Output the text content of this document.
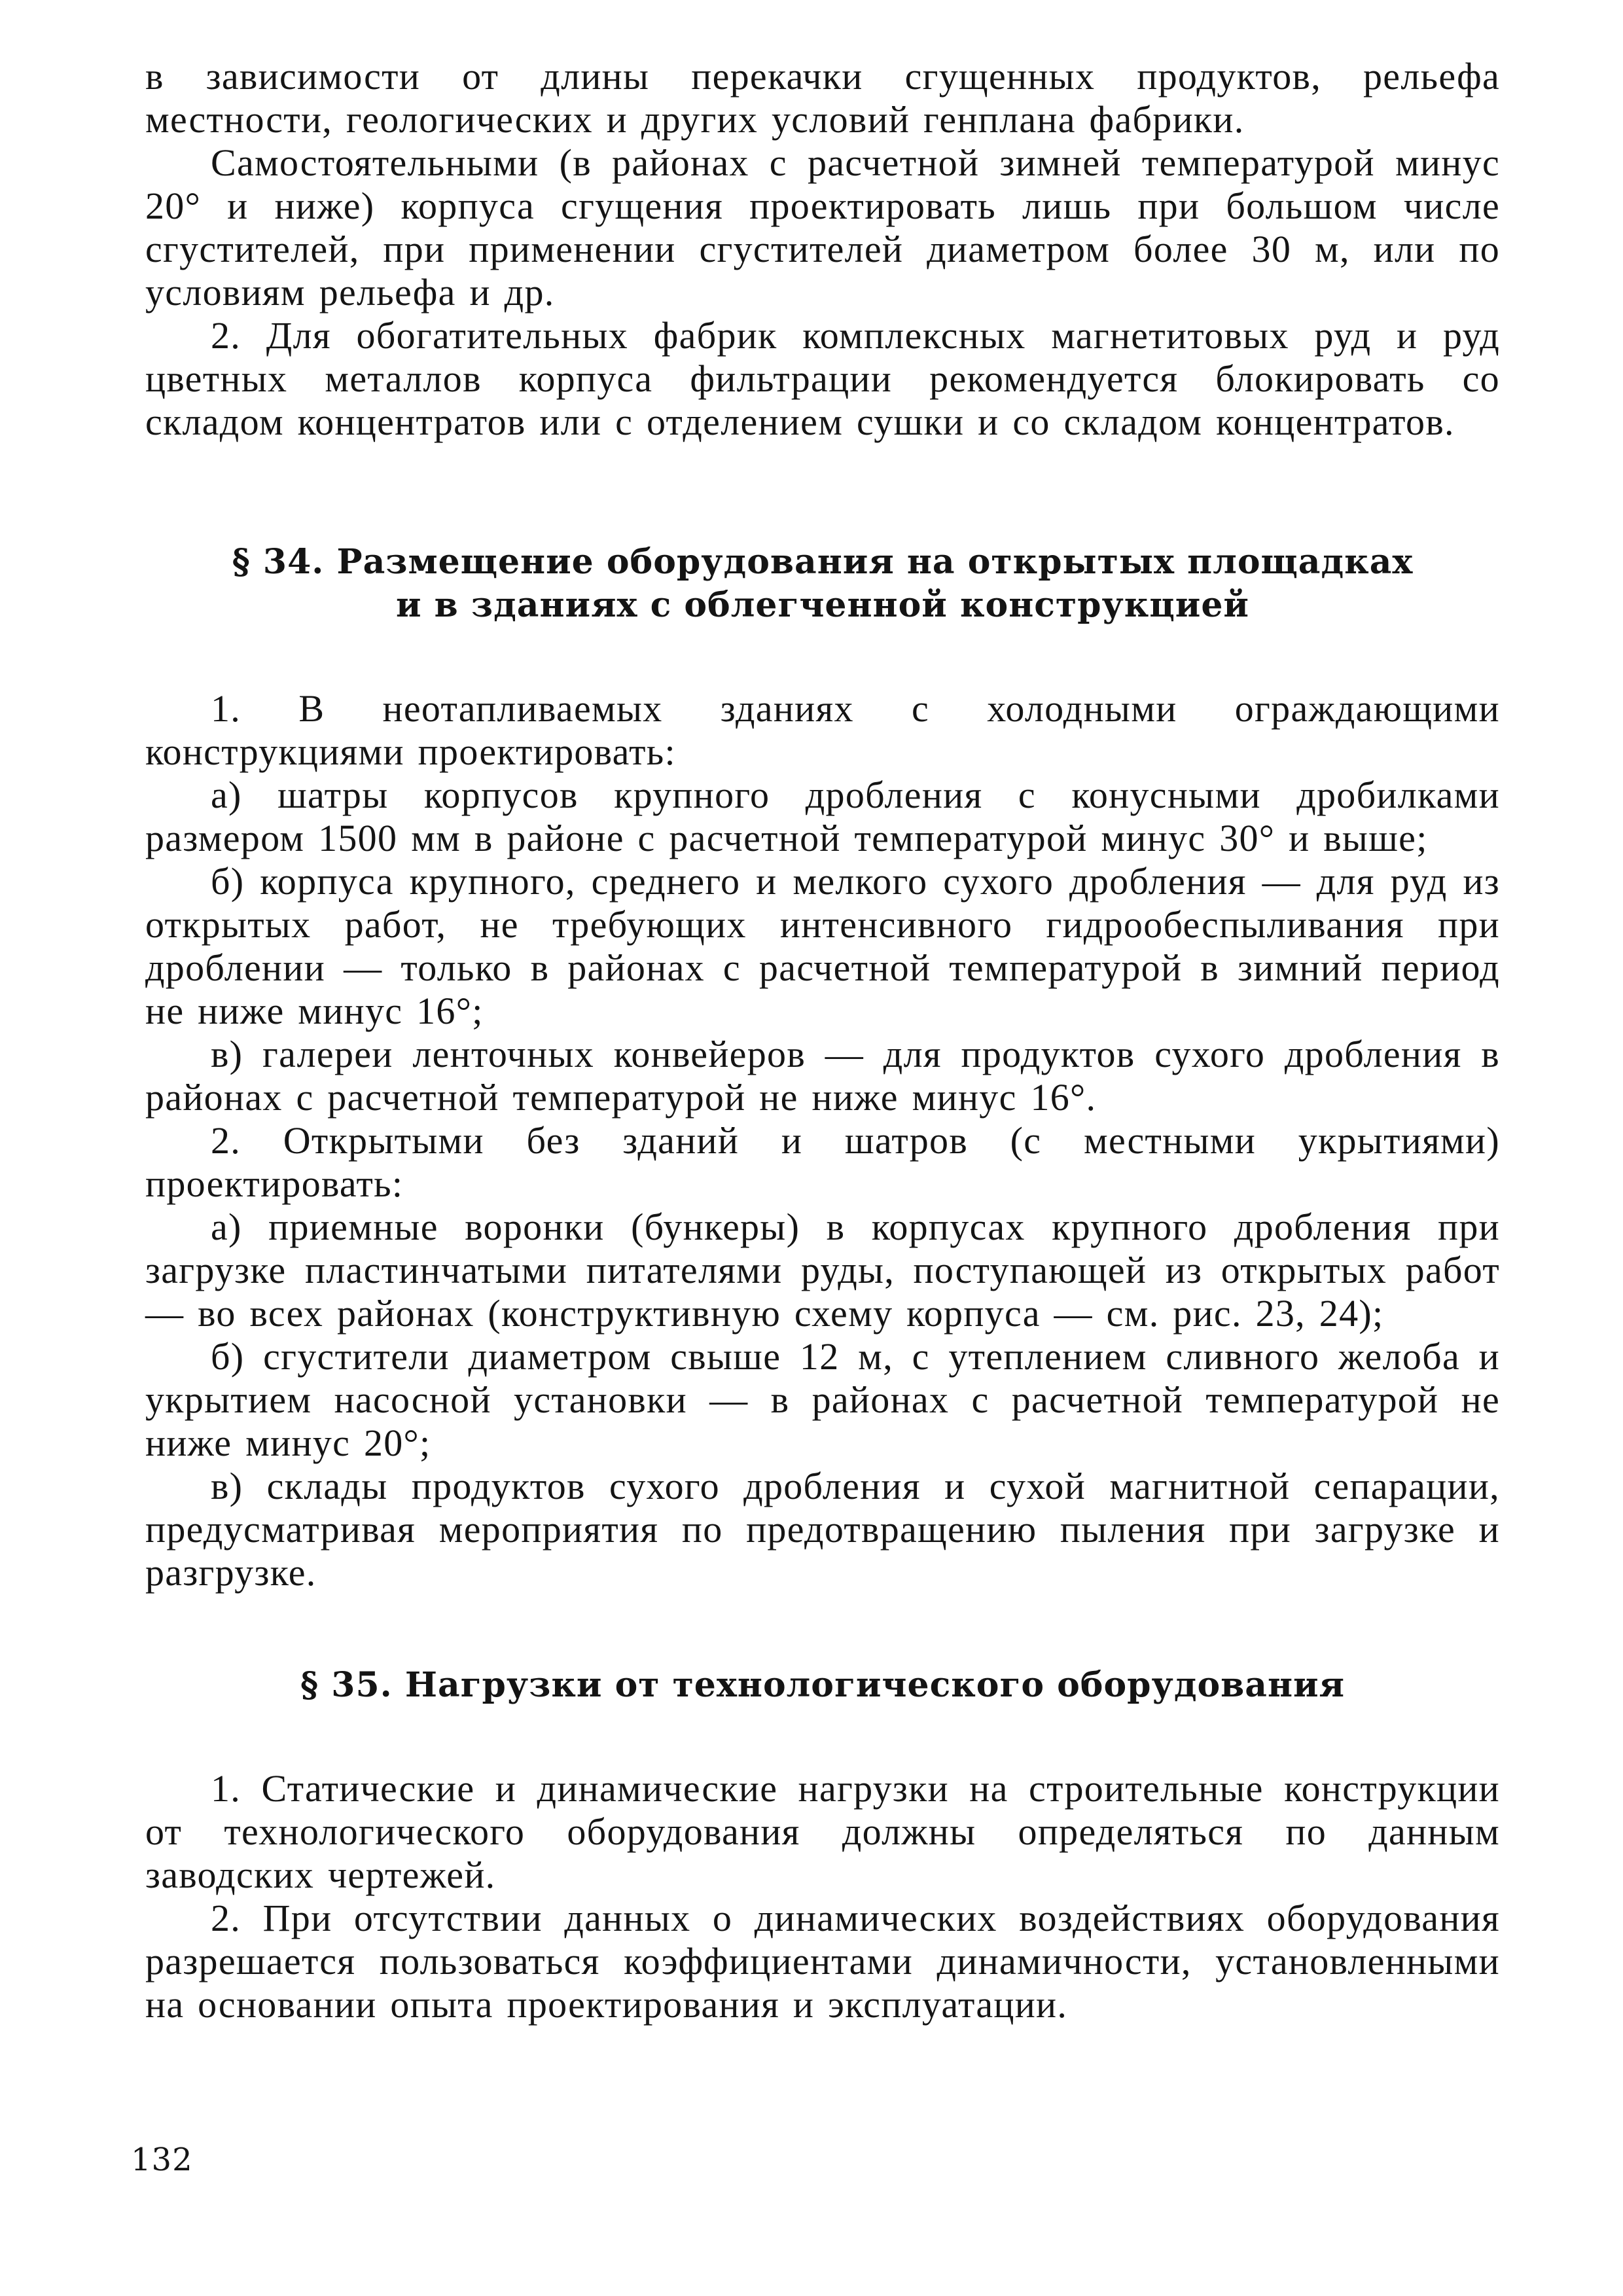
в зависимости от длины перекачки сгущенных продуктов, рельефа местности, геологических и других условий генплана фабрики.

Самостоятельными (в районах с расчетной зимней температурой минус 20° и ниже) корпуса сгущения проектировать лишь при большом числе сгустителей, при применении сгустителей диаметром более 30 м, или по условиям рельефа и др.

2. Для обогатительных фабрик комплексных магнетитовых руд и руд цветных металлов корпуса фильтрации рекомендуется блокировать со складом концентратов или с отделением сушки и со складом концентратов.

§ 34. Размещение оборудования на открытых площадках
и в зданиях с облегченной конструкцией

1. В неотапливаемых зданиях с холодными ограждающими конструкциями проектировать:

а) шатры корпусов крупного дробления с конусными дробилками размером 1500 мм в районе с расчетной температурой минус 30° и выше;

б) корпуса крупного, среднего и мелкого сухого дробления — для руд из открытых работ, не требующих интенсивного гидрообеспыливания при дроблении — только в районах с расчетной температурой в зимний период не ниже минус 16°;

в) галереи ленточных конвейеров — для продуктов сухого дробления в районах с расчетной температурой не ниже минус 16°.

2. Открытыми без зданий и шатров (с местными укрытиями) проектировать:

а) приемные воронки (бункеры) в корпусах крупного дробления при загрузке пластинчатыми питателями руды, поступающей из открытых работ — во всех районах (конструктивную схему корпуса — см. рис. 23, 24);

б) сгустители диаметром свыше 12 м, с утеплением сливного желоба и укрытием насосной установки — в районах с расчетной температурой не ниже минус 20°;

в) склады продуктов сухого дробления и сухой магнитной сепарации, предусматривая мероприятия по предотвращению пыления при загрузке и разгрузке.

§ 35. Нагрузки от технологического оборудования

1. Статические и динамические нагрузки на строительные конструкции от технологического оборудования должны определяться по данным заводских чертежей.

2. При отсутствии данных о динамических воздействиях оборудования разрешается пользоваться коэффициентами динамичности, установленными на основании опыта проектирования и эксплуатации.

132
